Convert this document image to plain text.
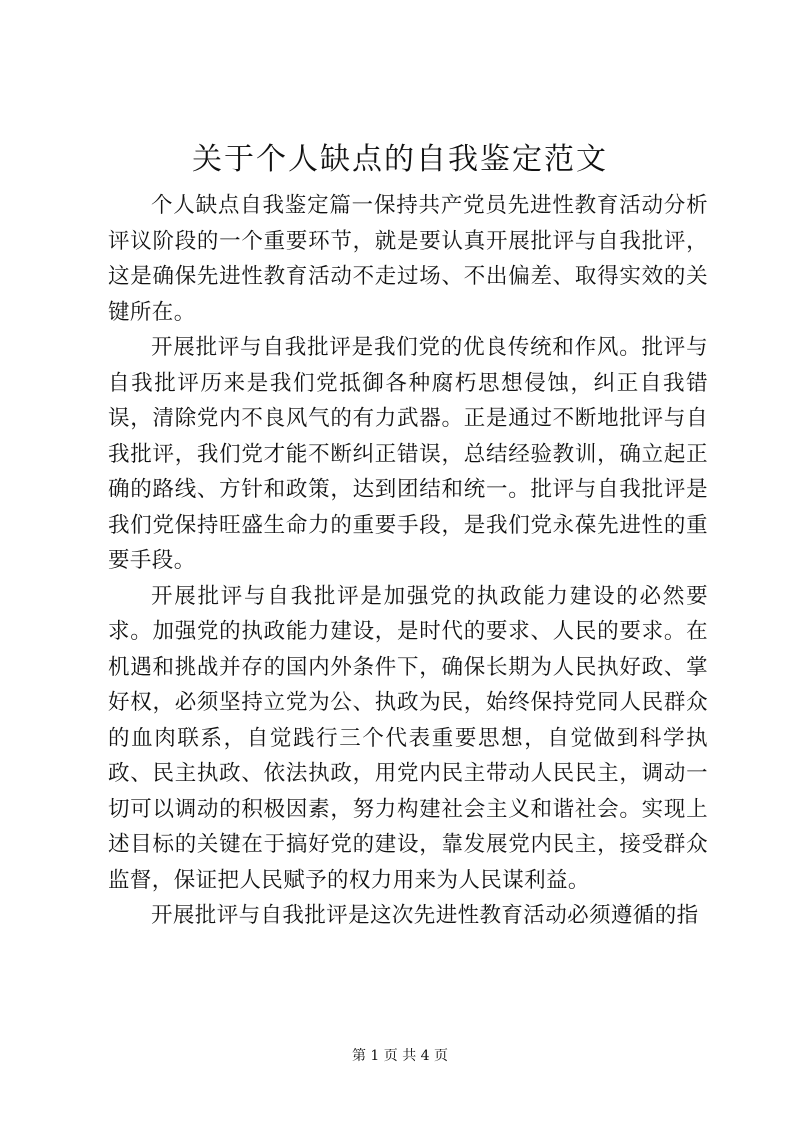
关于个人缺点的自我鉴定范文

个人缺点自我鉴定篇一保持共产党员先进性教育活动分析评议阶段的一个重要环节，就是要认真开展批评与自我批评，这是确保先进性教育活动不走过场、不出偏差、取得实效的关键所在。

开展批评与自我批评是我们党的优良传统和作风。批评与自我批评历来是我们党抵御各种腐朽思想侵蚀，纠正自我错误，清除党内不良风气的有力武器。正是通过不断地批评与自我批评，我们党才能不断纠正错误，总结经验教训，确立起正确的路线、方针和政策，达到团结和统一。批评与自我批评是我们党保持旺盛生命力的重要手段，是我们党永葆先进性的重要手段。

开展批评与自我批评是加强党的执政能力建设的必然要求。加强党的执政能力建设，是时代的要求、人民的要求。在机遇和挑战并存的国内外条件下，确保长期为人民执好政、掌好权，必须坚持立党为公、执政为民，始终保持党同人民群众的血肉联系，自觉践行三个代表重要思想，自觉做到科学执政、民主执政、依法执政，用党内民主带动人民民主，调动一切可以调动的积极因素，努力构建社会主义和谐社会。实现上述目标的关键在于搞好党的建设，靠发展党内民主，接受群众监督，保证把人民赋予的权力用来为人民谋利益。

开展批评与自我批评是这次先进性教育活动必须遵循的指

第 1 页 共 4 页
